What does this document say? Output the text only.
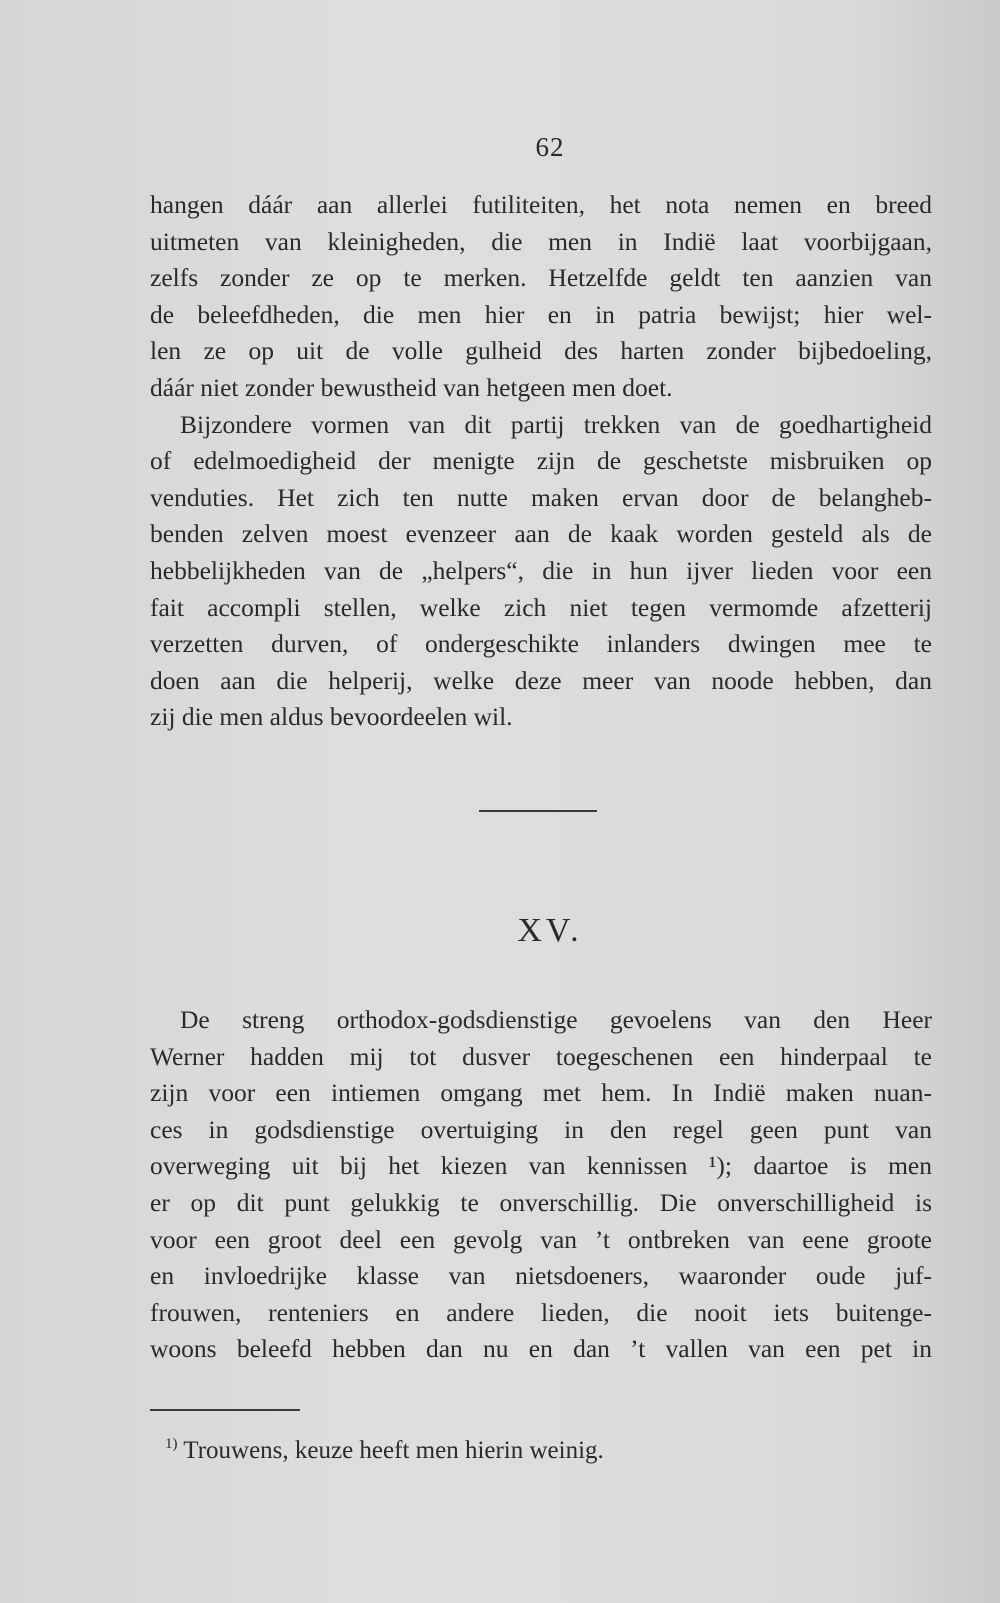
62
hangen dáár aan allerlei futiliteiten, het nota nemen en breed
uitmeten van kleinigheden, die men in Indië laat voorbijgaan,
zelfs zonder ze op te merken. Hetzelfde geldt ten aanzien van
de beleefdheden, die men hier en in patria bewijst; hier wel-
len ze op uit de volle gulheid des harten zonder bijbedoeling,
dáár niet zonder bewustheid van hetgeen men doet.
Bijzondere vormen van dit partij trekken van de goedhartigheid
of edelmoedigheid der menigte zijn de geschetste misbruiken op
venduties. Het zich ten nutte maken ervan door de belangheb-
benden zelven moest evenzeer aan de kaak worden gesteld als de
hebbelijkheden van de „helpers“, die in hun ijver lieden voor een
fait accompli stellen, welke zich niet tegen vermomde afzetterij
verzetten durven, of ondergeschikte inlanders dwingen mee te
doen aan die helperij, welke deze meer van noode hebben, dan
zij die men aldus bevoordeelen wil.
XV.
De streng orthodox-godsdienstige gevoelens van den Heer
Werner hadden mij tot dusver toegeschenen een hinderpaal te
zijn voor een intiemen omgang met hem. In Indië maken nuan-
ces in godsdienstige overtuiging in den regel geen punt van
overweging uit bij het kiezen van kennissen ¹); daartoe is men
er op dit punt gelukkig te onverschillig. Die onverschilligheid is
voor een groot deel een gevolg van ’t ontbreken van eene groote
en invloedrijke klasse van nietsdoeners, waaronder oude juf-
frouwen, renteniers en andere lieden, die nooit iets buitenge-
woons beleefd hebben dan nu en dan ’t vallen van een pet in
$^{1)}$ Trouwens, keuze heeft men hierin weinig.
